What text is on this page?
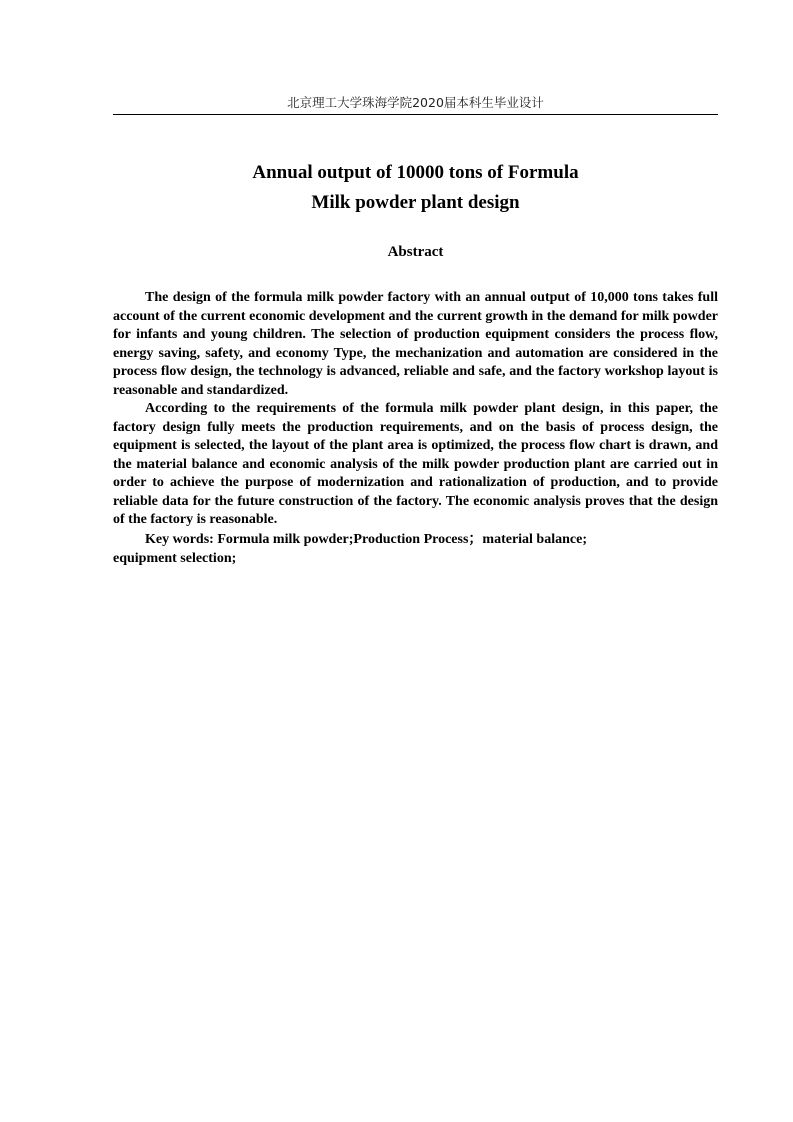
北京理工大学珠海学院2020届本科生毕业设计
Annual output of 10000 tons of Formula
Milk powder plant design
Abstract

The design of the formula milk powder factory with an annual output of 10,000 tons takes full account of the current economic development and the current growth in the demand for milk powder for infants and young children. The selection of production equipment considers the process flow, energy saving, safety, and economy Type, the mechanization and automation are considered in the process flow design, the technology is advanced, reliable and safe, and the factory workshop layout is reasonable and standardized.

According to the requirements of the formula milk powder plant design, in this paper, the factory design fully meets the production requirements, and on the basis of process design, the equipment is selected, the layout of the plant area is optimized, the process flow chart is drawn, and the material balance and economic analysis of the milk powder production plant are carried out in order to achieve the purpose of modernization and rationalization of production, and to provide reliable data for the future construction of the factory. The economic analysis proves that the design of the factory is reasonable.

Key words: Formula milk powder;Production Process；material balance;
equipment selection;
